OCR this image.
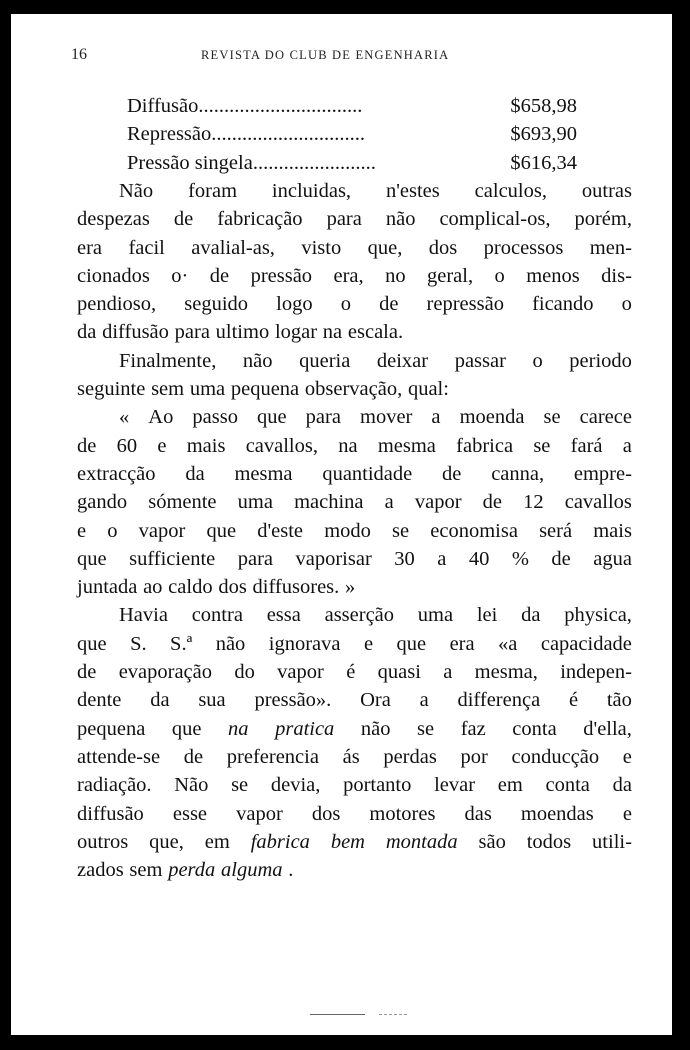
16	REVISTA DO CLUB DE ENGENHARIA
Diffusão................................	$658,98
Repressão..............................	$693,90
Pressão singela........................	$616,34
Não foram incluidas, n'estes calculos, outras
despezas de fabricação para não complical-os, porém,
era facil avalial-as, visto que, dos processos men-
cionados o· de pressão era, no geral, o menos dis-
pendioso, seguido logo o de repressão ficando o
da diffusão para ultimo logar na escala.
Finalmente, não queria deixar passar o periodo
seguinte sem uma pequena observação, qual:
« Ao passo que para mover a moenda se carece
de 60 e mais cavallos, na mesma fabrica se fará a
extracção da mesma quantidade de canna, empre-
gando sómente uma machina a vapor de 12 cavallos
e o vapor que d'este modo se economisa será mais
que sufficiente para vaporisar 30 a 40 % de agua
juntada ao caldo dos diffusores. »
Havia contra essa asserção uma lei da physica,
que S. S.ª não ignorava e que era «a capacidade
de evaporação do vapor é quasi a mesma, indepen-
dente da sua pressão». Ora a differença é tão
pequena que na pratica não se faz conta d'ella,
attende-se de preferencia ás perdas por conducção e
radiação. Não se devia, portanto levar em conta da
diffusão esse vapor dos motores das moendas e
outros que, em fabrica bem montada são todos utili-
zados sem perda alguma .
